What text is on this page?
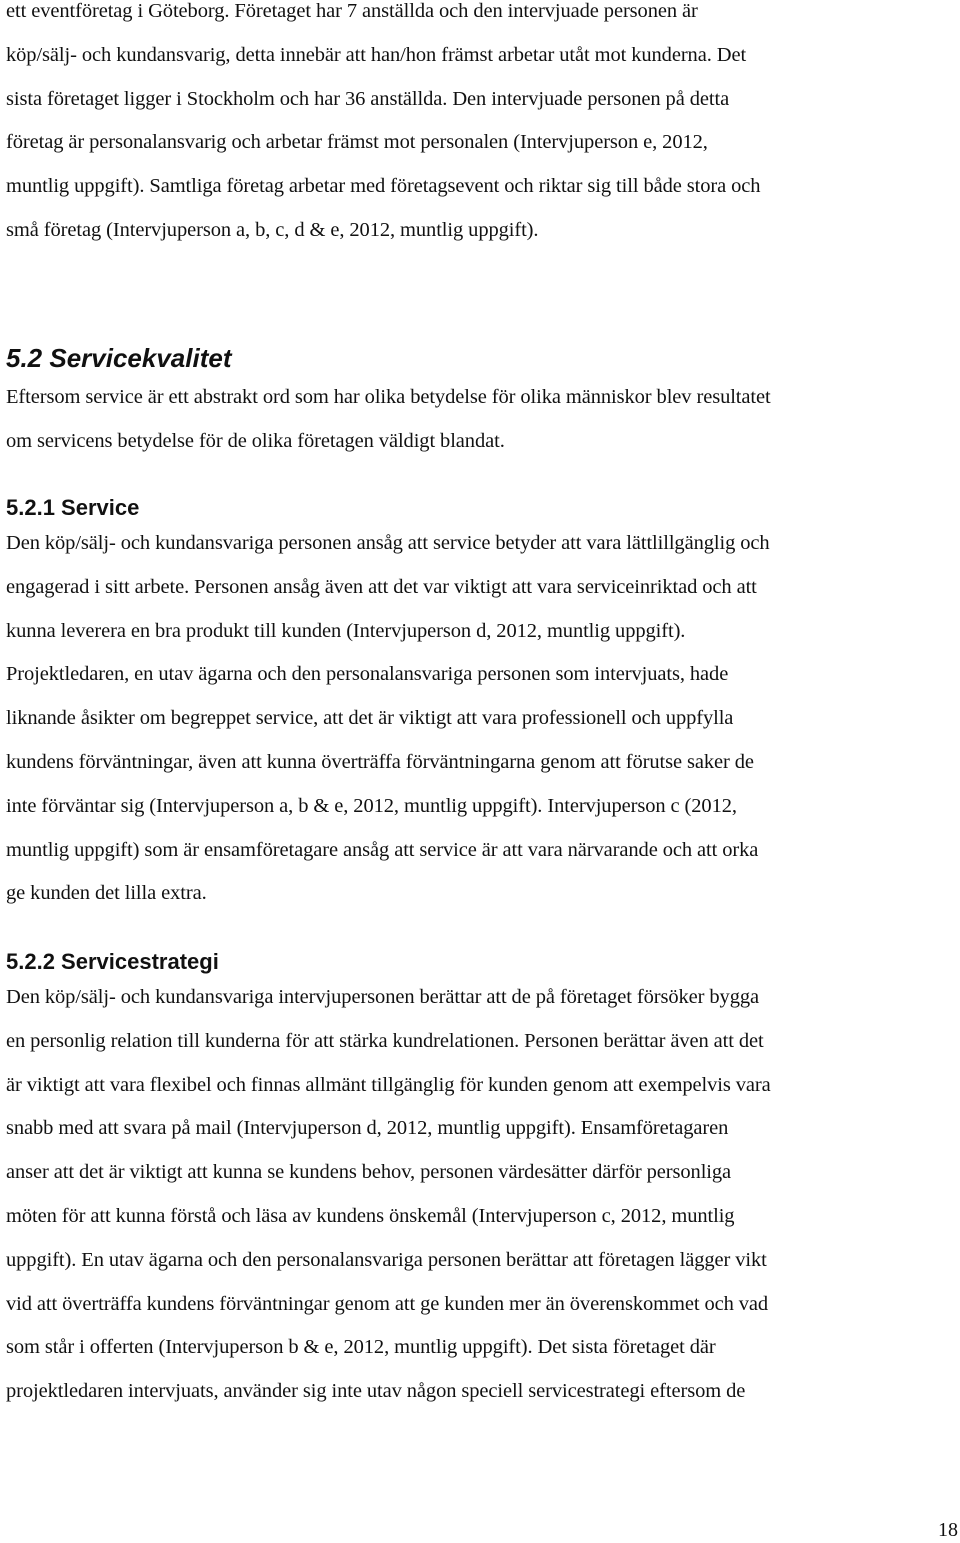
ett eventföretag i Göteborg. Företaget har 7 anställda och den intervjuade personen är
köp/sälj- och kundansvarig, detta innebär att han/hon främst arbetar utåt mot kunderna. Det
sista företaget ligger i Stockholm och har 36 anställda. Den intervjuade personen på detta
företag är personalansvarig och arbetar främst mot personalen (Intervjuperson e, 2012,
muntlig uppgift). Samtliga företag arbetar med företagsevent och riktar sig till både stora och
små företag (Intervjuperson a, b, c, d & e, 2012, muntlig uppgift).

5.2 Servicekvalitet

Eftersom service är ett abstrakt ord som har olika betydelse för olika människor blev resultatet
om servicens betydelse för de olika företagen väldigt blandat.

5.2.1 Service

Den köp/sälj- och kundansvariga personen ansåg att service betyder att vara lättlillgänglig och
engagerad i sitt arbete. Personen ansåg även att det var viktigt att vara serviceinriktad och att
kunna leverera en bra produkt till kunden (Intervjuperson d, 2012, muntlig uppgift).
Projektledaren, en utav ägarna och den personalansvariga personen som intervjuats, hade
liknande åsikter om begreppet service, att det är viktigt att vara professionell och uppfylla
kundens förväntningar, även att kunna överträffa förväntningarna genom att förutse saker de
inte förväntar sig (Intervjuperson a, b & e, 2012, muntlig uppgift). Intervjuperson c (2012,
muntlig uppgift) som är ensamföretagare ansåg att service är att vara närvarande och att orka
ge kunden det lilla extra.

5.2.2 Servicestrategi

Den köp/sälj- och kundansvariga intervjupersonen berättar att de på företaget försöker bygga
en personlig relation till kunderna för att stärka kundrelationen. Personen berättar även att det
är viktigt att vara flexibel och finnas allmänt tillgänglig för kunden genom att exempelvis vara
snabb med att svara på mail (Intervjuperson d, 2012, muntlig uppgift). Ensamföretagaren
anser att det är viktigt att kunna se kundens behov, personen värdesätter därför personliga
möten för att kunna förstå och läsa av kundens önskemål (Intervjuperson c, 2012, muntlig
uppgift). En utav ägarna och den personalansvariga personen berättar att företagen lägger vikt
vid att överträffa kundens förväntningar genom att ge kunden mer än överenskommet och vad
som står i offerten (Intervjuperson b & e, 2012, muntlig uppgift). Det sista företaget där
projektledaren intervjuats, använder sig inte utav någon speciell servicestrategi eftersom de

18
